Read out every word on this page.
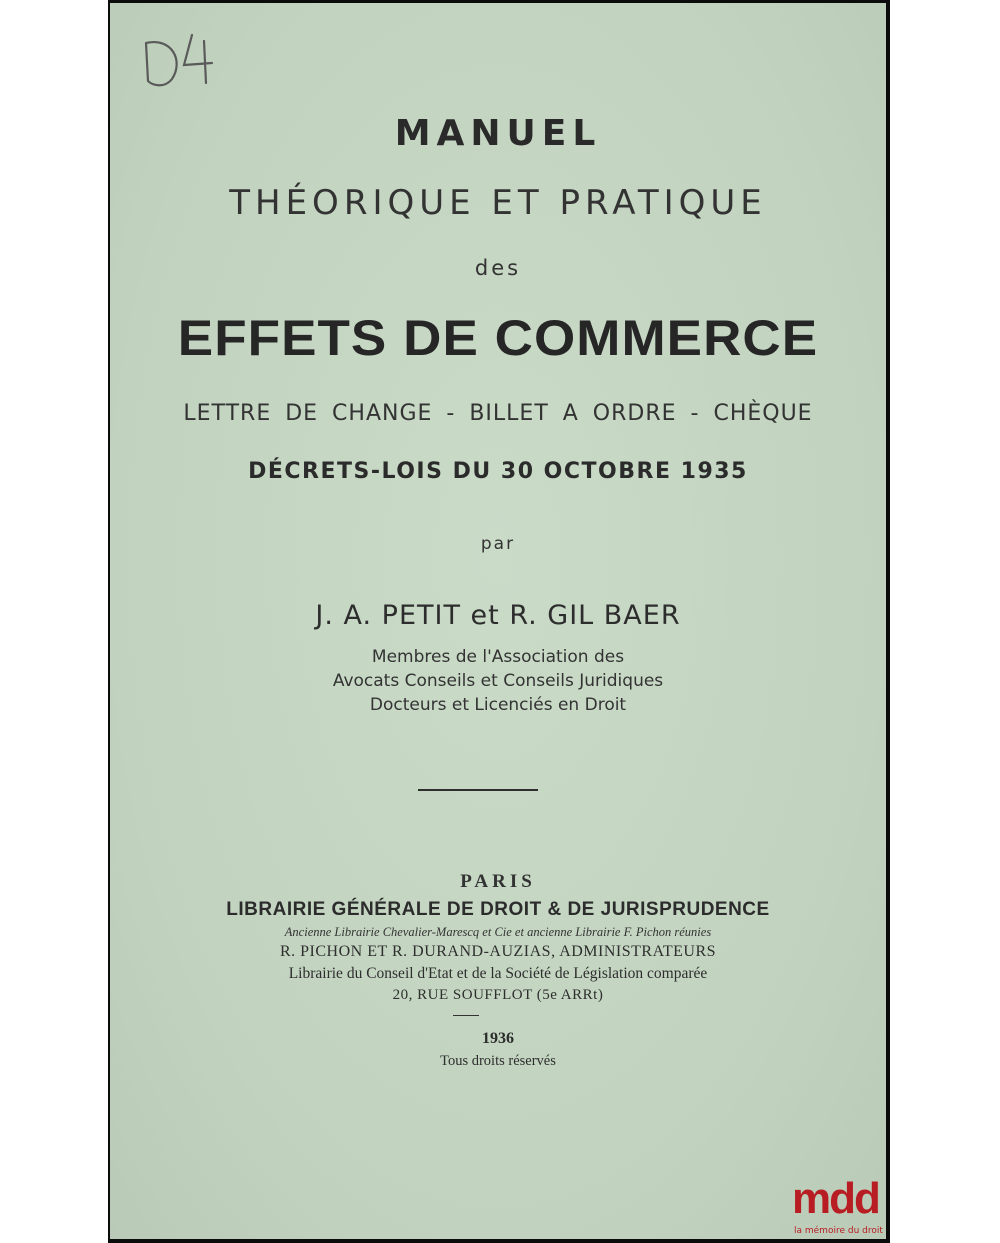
MANUEL
THÉORIQUE ET PRATIQUE
des
EFFETS DE COMMERCE
LETTRE DE CHANGE - BILLET A ORDRE - CHÈQUE
DÉCRETS-LOIS DU 30 OCTOBRE 1935
par
J. A. PETIT et R. GIL BAER
Membres de l'Association des
Avocats Conseils et Conseils Juridiques
Docteurs et Licenciés en Droit
PARIS
LIBRAIRIE GÉNÉRALE DE DROIT & DE JURISPRUDENCE
Ancienne Librairie Chevalier-Marescq et Cie et ancienne Librairie F. Pichon réunies
R. PICHON ET R. DURAND-AUZIAS, ADMINISTRATEURS
Librairie du Conseil d'Etat et de la Société de Législation comparée
20, RUE SOUFFLOT (5e ARRt)
1936
Tous droits réservés
mdd
la mémoire du droit
